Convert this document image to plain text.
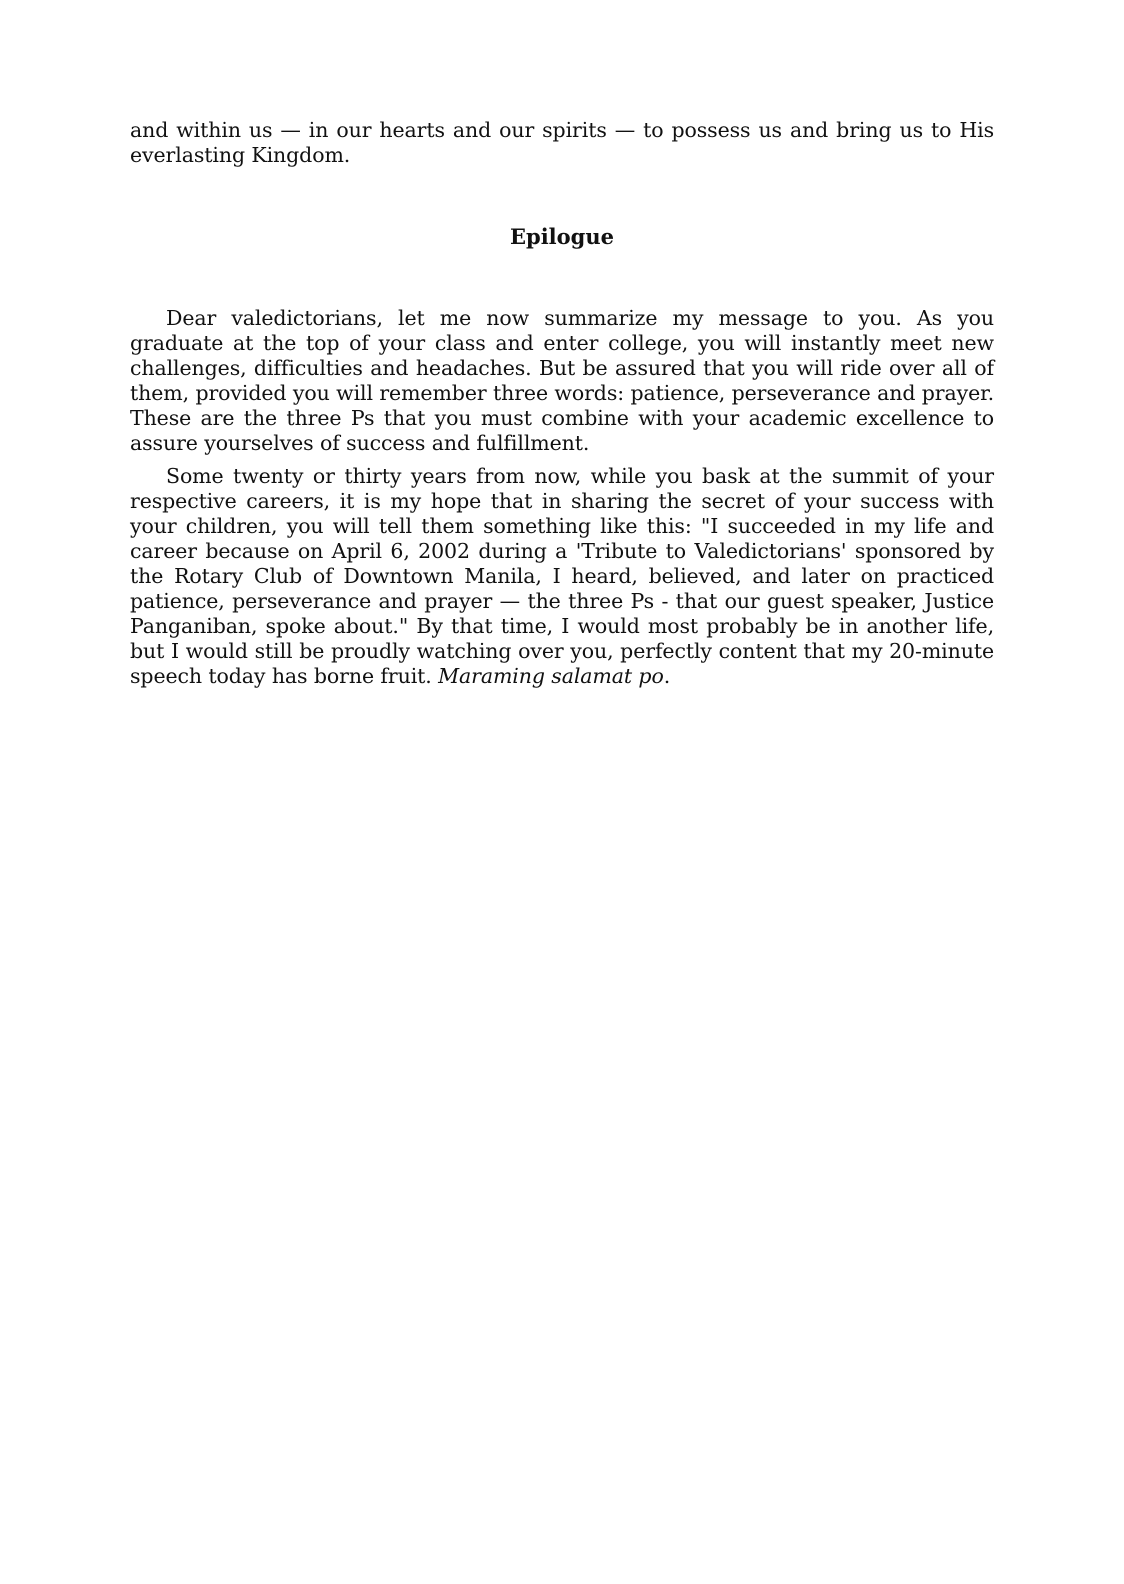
and within us — in our hearts and our spirits — to possess us and bring us to His everlasting Kingdom.

Epilogue

Dear valedictorians, let me now summarize my message to you. As you graduate at the top of your class and enter college, you will instantly meet new challenges, difficulties and headaches. But be assured that you will ride over all of them, provided you will remember three words: patience, perseverance and prayer. These are the three Ps that you must combine with your academic excellence to assure yourselves of success and fulfillment.

Some twenty or thirty years from now, while you bask at the summit of your respective careers, it is my hope that in sharing the secret of your success with your children, you will tell them something like this: "I succeeded in my life and career because on April 6, 2002 during a 'Tribute to Valedictorians' sponsored by the Rotary Club of Downtown Manila, I heard, believed, and later on practiced patience, perseverance and prayer — the three Ps - that our guest speaker, Justice Panganiban, spoke about." By that time, I would most probably be in another life, but I would still be proudly watching over you, perfectly content that my 20-minute speech today has borne fruit. Maraming salamat po.
